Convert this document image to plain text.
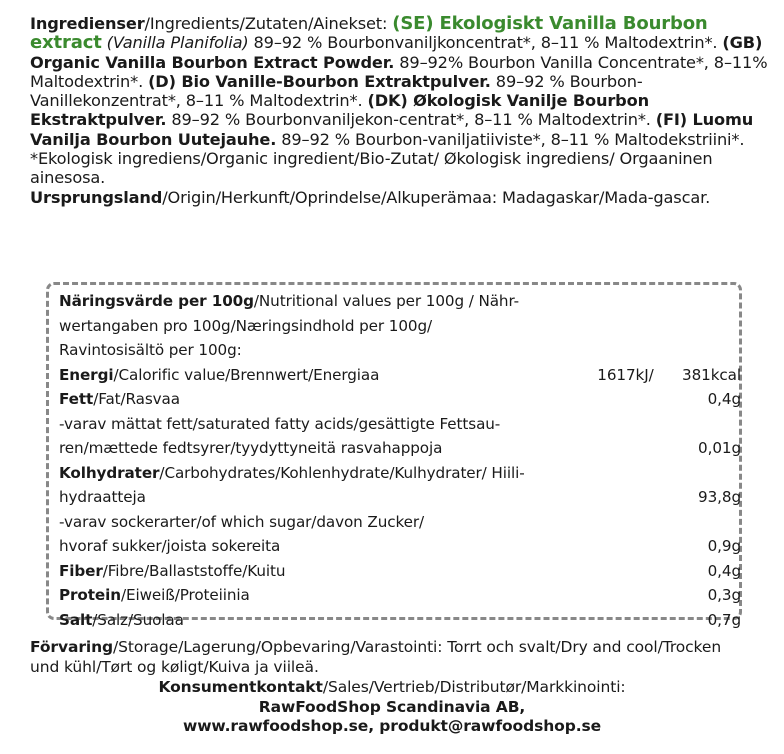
Ingredienser/Ingredients/Zutaten/Ainekset: (SE) Ekologiskt Vanilla Bourbon extract (Vanilla Planifolia) 89–92 % Bourbonvaniljkoncentrat*, 8–11 % Maltodextrin*. (GB) Organic Vanilla Bourbon Extract Powder. 89–92% Bourbon Vanilla Concentrate*, 8–11% Maltodextrin*. (D) Bio Vanille-Bourbon Extraktpulver. 89–92 % Bourbon-Vanillekonzentrat*, 8–11 % Maltodextrin*. (DK) Økologisk Vanilje Bourbon Ekstraktpulver. 89–92 % Bourbonvaniljekon-centrat*, 8–11 % Maltodextrin*. (FI) Luomu Vanilja Bourbon Uutejauhe. 89–92 % Bourbon-vaniljatiiviste*, 8–11 % Maltodekstriini*.
*Ekologisk ingrediens/Organic ingredient/Bio-Zutat/ Økologisk ingrediens/ Orgaaninen ainesosa.
Ursprungsland/Origin/Herkunft/Oprindelse/Alkuperämaa: Madagaskar/Mada-gascar.

Näringsvärde per 100g/Nutritional values per 100g / Nähr-		
wertangaben pro 100g/Næringsindhold per 100g/		
Ravintosisältö per 100g:		
Energi/Calorific value/Brennwert/Energiaa	1617kJ/	381kcal
Fett/Fat/Rasvaa		0,4g
-varav mättat fett/saturated fatty acids/gesättigte Fettsau-		
ren/mættede fedtsyrer/tyydyttyneitä rasvahappoja		0,01g
Kolhydrater/Carbohydrates/Kohlenhydrate/Kulhydrater/ Hiili-		
hydraatteja		93,8g
-varav sockerarter/of which sugar/davon Zucker/		
hvoraf sukker/joista sokereita		0,9g
Fiber/Fibre/Ballaststoffe/Kuitu		0,4g
Protein/Eiweiß/Proteiinia		0,3g
Salt/Salz/Suolaa		0,7g
Förvaring/Storage/Lagerung/Opbevaring/Varastointi: Torrt och svalt/Dry and cool/Trocken und kühl/Tørt og køligt/Kuiva ja viileä.
Konsumentkontakt/Sales/Vertrieb/Distributør/Markkinointi:
RawFoodShop Scandinavia AB,
www.rawfoodshop.se, produkt@rawfoodshop.se
